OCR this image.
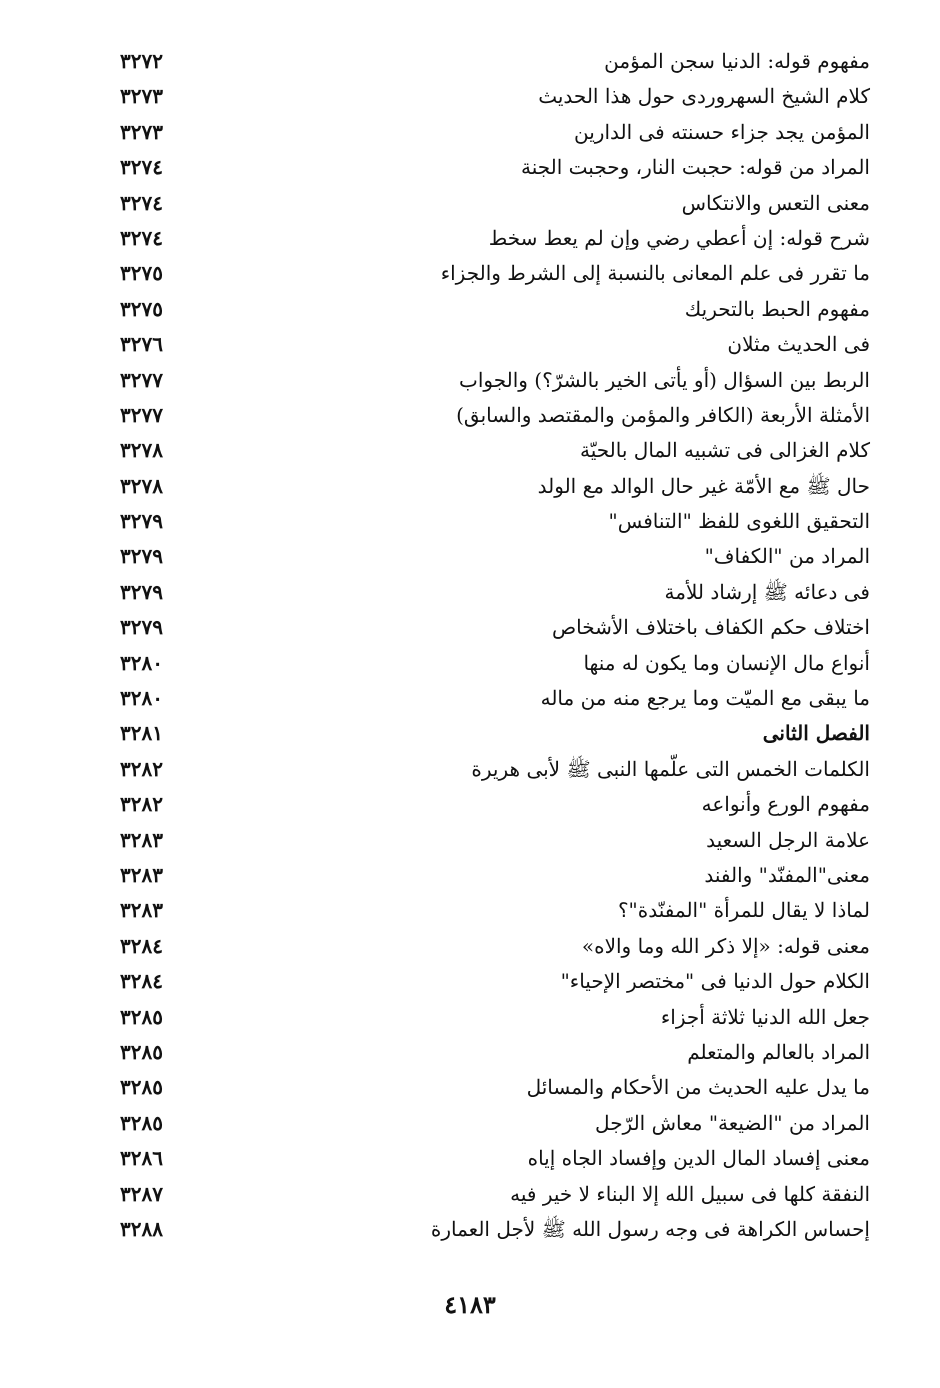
مفهوم قوله: الدنيا سجن المؤمن
٣٢٧٢
كلام الشيخ السهروردى حول هذا الحديث
٣٢٧٣
المؤمن يجد جزاء حسنته فى الدارين
٣٢٧٣
المراد من قوله: حجبت النار، وحجبت الجنة
٣٢٧٤
معنى التعس والانتكاس
٣٢٧٤
شرح قوله: إن أعطي رضي وإن لم يعط سخط
٣٢٧٤
ما تقرر فى علم المعانى بالنسبة إلى الشرط والجزاء
٣٢٧٥
مفهوم الحبط بالتحريك
٣٢٧٥
فى الحديث مثلان
٣٢٧٦
الربط بين السؤال (أو يأتى الخير بالشرّ؟) والجواب
٣٢٧٧
الأمثلة الأربعة (الكافر والمؤمن والمقتصد والسابق)
٣٢٧٧
كلام الغزالى فى تشبيه المال بالحيّة
٣٢٧٨
حال ﷺ مع الأمّة غير حال الوالد مع الولد
٣٢٧٨
التحقيق اللغوى للفظ "التنافس"
٣٢٧٩
المراد من "الكفاف"
٣٢٧٩
فى دعائه ﷺ إرشاد للأمة
٣٢٧٩
اختلاف حكم الكفاف باختلاف الأشخاص
٣٢٧٩
أنواع مال الإنسان وما يكون له منها
٣٢٨٠
ما يبقى مع الميّت وما يرجع منه من ماله
٣٢٨٠
الفصل الثانى
٣٢٨١
الكلمات الخمس التى علّمها النبى ﷺ لأبى هريرة
٣٢٨٢
مفهوم الورع وأنواعه
٣٢٨٢
علامة الرجل السعيد
٣٢٨٣
معنى"المفنّد" والفند
٣٢٨٣
لماذا لا يقال للمرأة "المفنّدة"؟
٣٢٨٣
معنى قوله: «إلا ذكر الله وما والاه»
٣٢٨٤
الكلام حول الدنيا فى "مختصر الإحياء"
٣٢٨٤
جعل الله الدنيا ثلاثة أجزاء
٣٢٨٥
المراد بالعالم والمتعلم
٣٢٨٥
ما يدل عليه الحديث من الأحكام والمسائل
٣٢٨٥
المراد من "الضيعة" معاش الرّجل
٣٢٨٥
معنى إفساد المال الدين وإفساد الجاه إياه
٣٢٨٦
النفقة كلها فى سبيل الله إلا البناء لا خير فيه
٣٢٨٧
إحساس الكراهة فى وجه رسول الله ﷺ لأجل العمارة
٣٢٨٨
٤١٨٣
